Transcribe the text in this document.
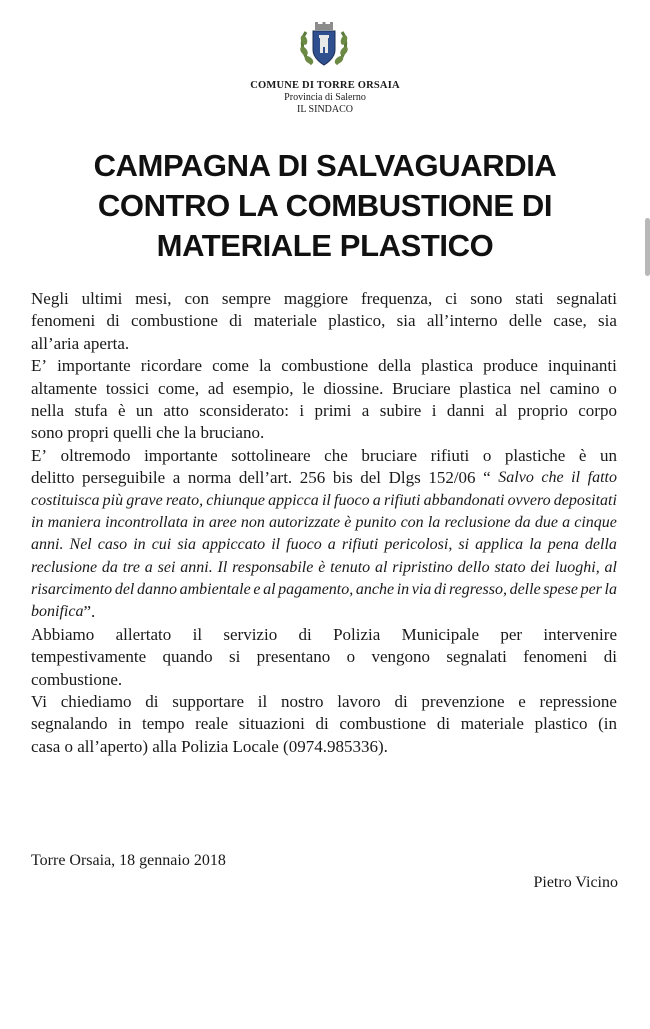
COMUNE DI TORRE ORSAIA
Provincia di Salerno
IL SINDACO
CAMPAGNA DI SALVAGUARDIA
CONTRO LA COMBUSTIONE DI
MATERIALE PLASTICO
Negli ultimi mesi, con sempre maggiore frequenza, ci sono stati segnalati
fenomeni di combustione di materiale plastico, sia all’interno delle case, sia
all’aria aperta.
E’ importante ricordare come la combustione della plastica produce inquinanti
altamente tossici come, ad esempio, le diossine. Bruciare plastica nel camino o
nella stufa è un atto sconsiderato: i primi a subire i danni al proprio corpo
sono propri quelli che la bruciano.
E’ oltremodo importante sottolineare che bruciare rifiuti o plastiche è un
delitto perseguibile a norma dell’art. 256 bis del Dlgs 152/06 “ Salvo che il fatto
costituisca più grave reato, chiunque appicca il fuoco a rifiuti abbandonati ovvero depositati
in maniera incontrollata in aree non autorizzate è punito con la reclusione da due a cinque
anni. Nel caso in cui sia appiccato il fuoco a rifiuti pericolosi, si applica la pena della
reclusione da tre a sei anni. Il responsabile è tenuto al ripristino dello stato dei luoghi, al
risarcimento del danno ambientale e al pagamento, anche in via di regresso, delle spese per la
bonifica ”.
Abbiamo allertato il servizio di Polizia Municipale per intervenire
tempestivamente quando si presentano o vengono segnalati fenomeni di
combustione.
Vi chiediamo di supportare il nostro lavoro di prevenzione e repressione
segnalando in tempo reale situazioni di combustione di materiale plastico (in
casa o all’aperto) alla Polizia Locale (0974.985336).
Torre Orsaia, 18 gennaio 2018
Pietro Vicino
